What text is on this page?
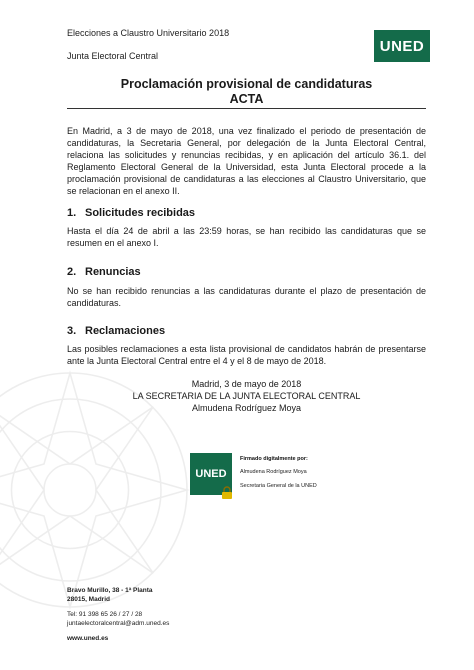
Elecciones a Claustro Universitario 2018
Junta Electoral Central
UNED
Proclamación provisional de candidaturas
ACTA
En Madrid, a 3 de mayo de 2018, una vez finalizado el periodo de presentación de candidaturas, la Secretaria General, por delegación de la Junta Electoral Central, relaciona las solicitudes y renuncias recibidas, y en aplicación del artículo 36.1. del Reglamento Electoral General de la Universidad, esta Junta Electoral procede a la proclamación provisional de candidaturas a las elecciones al Claustro Universitario, que se relacionan en el anexo II.
1. Solicitudes recibidas
Hasta el día 24 de abril a las 23:59 horas, se han recibido las candidaturas que se resumen en el anexo I.
2. Renuncias
No se han recibido renuncias a las candidaturas durante el plazo de presentación de candidaturas.
3. Reclamaciones
Las posibles reclamaciones a esta lista provisional de candidatos habrán de presentarse ante la Junta Electoral Central entre el 4 y el 8 de mayo de 2018.
Madrid, 3 de mayo de 2018
LA SECRETARIA DE LA JUNTA ELECTORAL CENTRAL
Almudena Rodríguez Moya
UNED
Firmado digitalmente por:
Almudena Rodríguez Moya
Secretaria General de la UNED
Bravo Murillo, 38 - 1ª Planta
28015, Madrid
Tel: 91 398 65 26 / 27 / 28
juntaelectoralcentral@adm.uned.es
www.uned.es
